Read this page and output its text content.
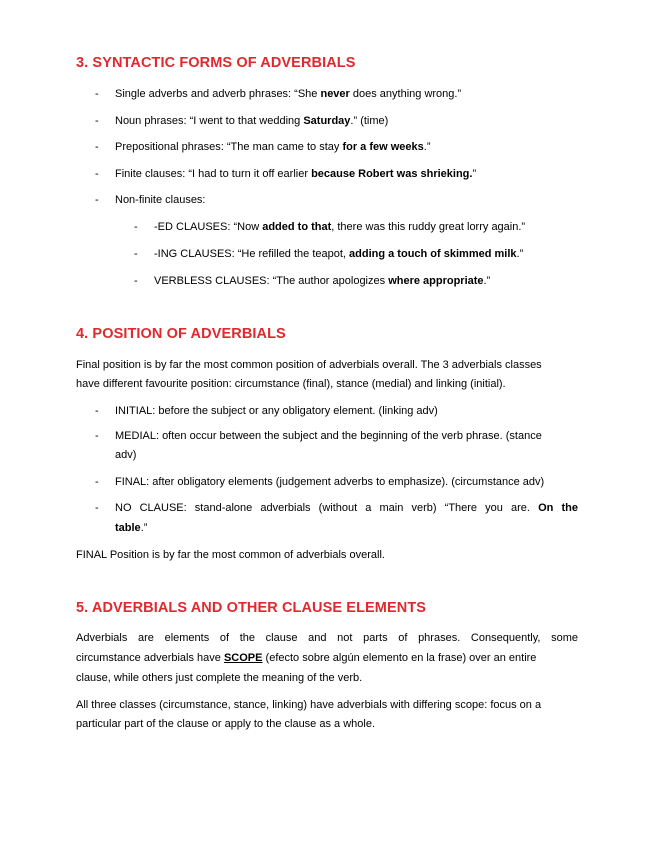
3. SYNTACTIC FORMS OF ADVERBIALS
- Single adverbs and adverb phrases: “She never does anything wrong.”

- Noun phrases: “I went to that wedding Saturday.” (time)

- Prepositional phrases: “The man came to stay for a few weeks.”

- Finite clauses: “I had to turn it off earlier because Robert was shrieking.”

- Non-finite clauses:

- -ED CLAUSES: “Now added to that, there was this ruddy great lorry again.”

- -ING CLAUSES: “He refilled the teapot, adding a touch of skimmed milk.”

- VERBLESS CLAUSES: “The author apologizes where appropriate.”

4. POSITION OF ADVERBIALS

Final position is by far the most common position of adverbials overall. The 3 adverbials classes

have different favourite position: circumstance (final), stance (medial) and linking (initial).

- INITIAL: before the subject or any obligatory element. (linking adv)

- MEDIAL: often occur between the subject and the beginning of the verb phrase. (stance

adv)

- FINAL: after obligatory elements (judgement adverbs to emphasize). (circumstance adv)

- NO CLAUSE: stand-alone adverbials (without a main verb) “There you are. On the

table.”

FINAL Position is by far the most common of adverbials overall.

5. ADVERBIALS AND OTHER CLAUSE ELEMENTS

Adverbials are elements of the clause and not parts of phrases. Consequently, some

circumstance adverbials have SCOPE (efecto sobre algún elemento en la frase) over an entire

clause, while others just complete the meaning of the verb.

All three classes (circumstance, stance, linking) have adverbials with differing scope: focus on a

particular part of the clause or apply to the clause as a whole.
